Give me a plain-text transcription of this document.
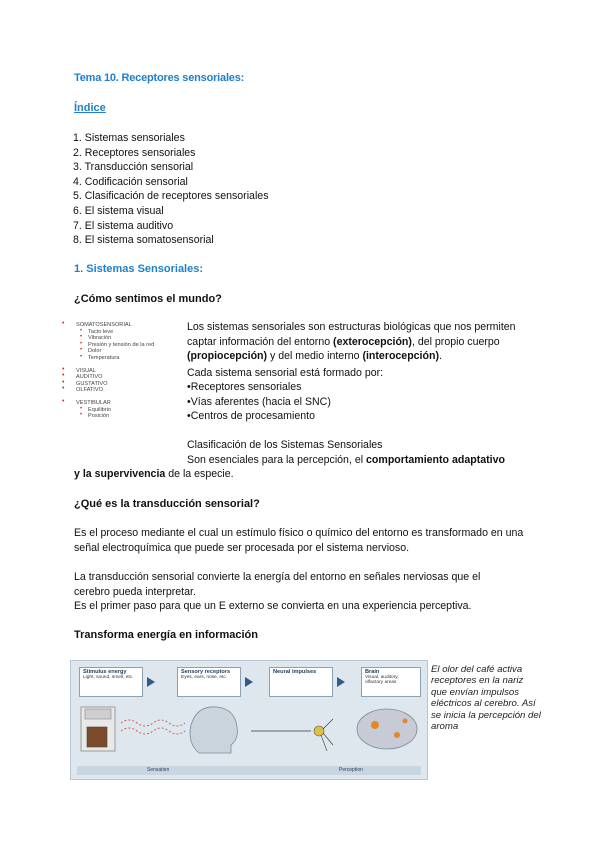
Tema 10. Receptores sensoriales:
Índice
1. Sistemas sensoriales
2. Receptores sensoriales
3. Transducción sensorial
4. Codificación sensorial
5. Clasificación de receptores sensoriales
6. El sistema visual
7. El sistema auditivo
8. El sistema somatosensorial
1. Sistemas Sensoriales:
¿Cómo sentimos el mundo?
• SOMATOSENSORIAL
• Tacto leve
• Vibración
• Presión y tensión de la red
• Dolor
• Temperatura
• VISUAL
• AUDITIVO
• GUSTATIVO
• OLFATIVO
• VESTIBULAR
• Equilibrio
• Posición
Los sistemas sensoriales son estructuras biológicas que nos permiten captar información del entorno (exterocepción), del propio cuerpo (propiocepción) y del medio interno (interocepción).
Cada sistema sensorial está formado por:
•Receptores sensoriales
•Vías aferentes (hacia el SNC)
•Centros de procesamiento
Clasificación de los Sistemas Sensoriales
Son esenciales para la percepción, el comportamiento adaptativo
y la supervivencia de la especie.
¿Qué es la transducción sensorial?
Es el proceso mediante el cual un estímulo físico o químico del entorno es transformado en una señal electroquímica que puede ser procesada por el sistema nervioso.
La transducción sensorial convierte la energía del entorno en señales nerviosas que el cerebro pueda interpretar.
Es el primer paso para que un E externo se convierta en una experiencia perceptiva.
Transforma energía en información
Stimulus energy
Light, sound, smell, etc.
Sensory receptors
Eyes, ears, nose, etc.
Neural impulses	Brain
Visual, auditory, olfactory areas
Sensation	Perception
El olor del café activa receptores en la nariz que envían impulsos eléctricos al cerebro. Así se inicia la percepción del aroma
